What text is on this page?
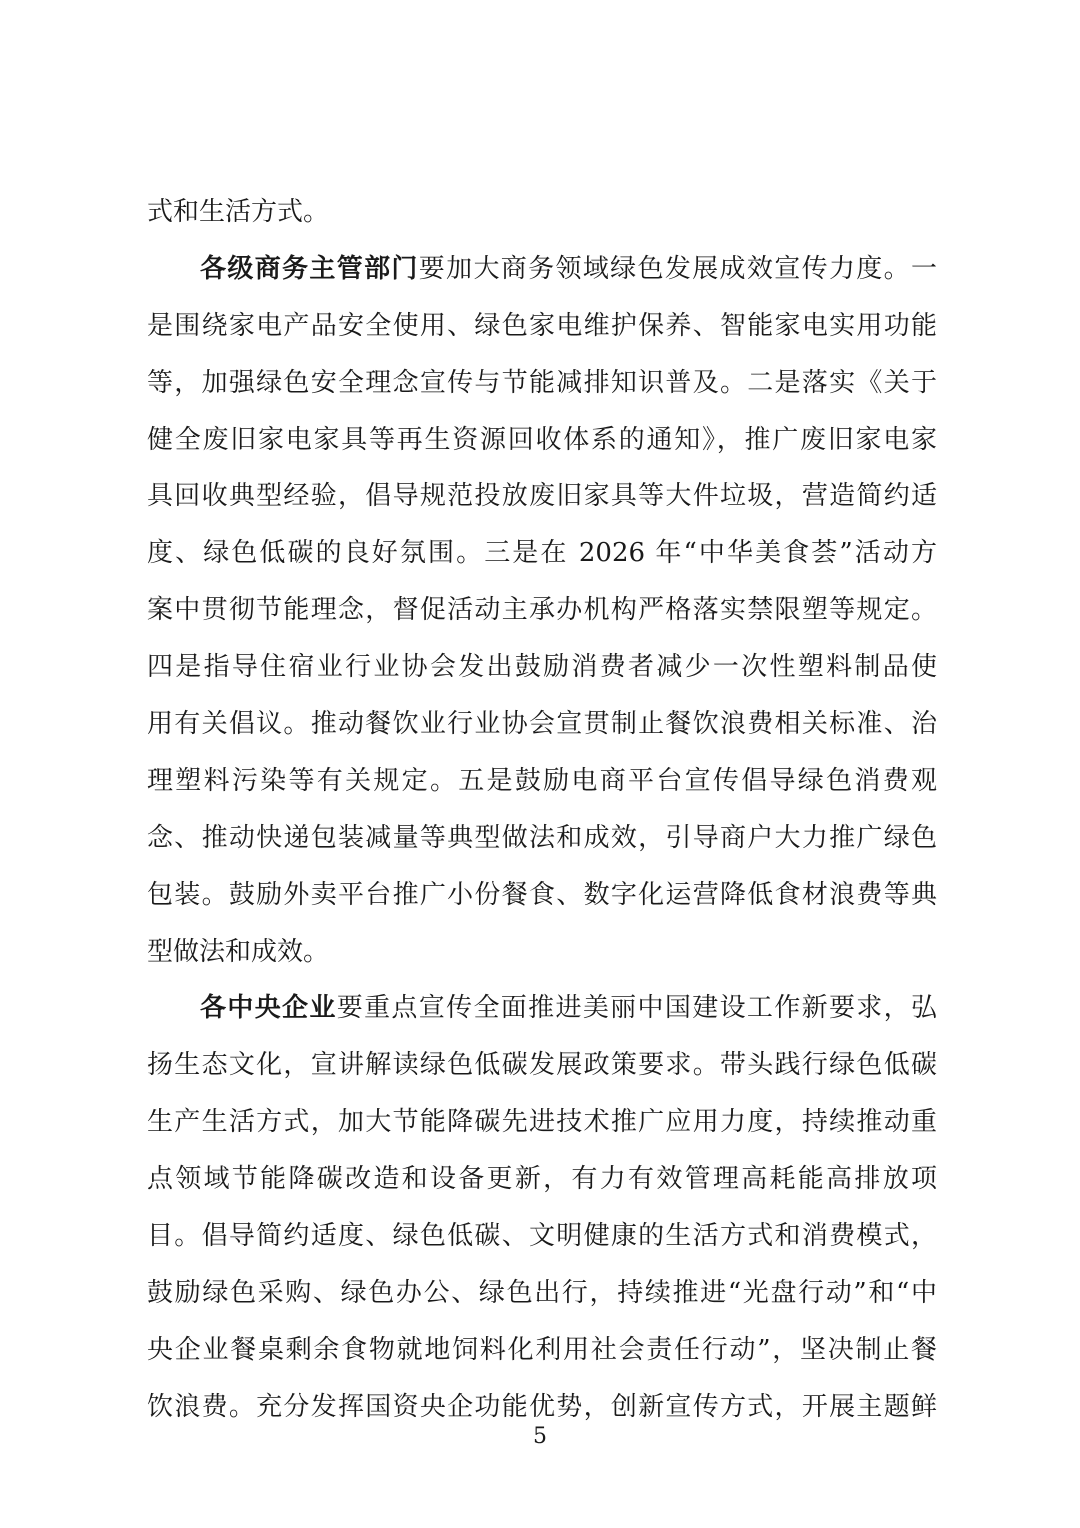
式和生活方式。
各级商务主管部门要加大商务领域绿色发展成效宣传力度。一
是围绕家电产品安全使用、绿色家电维护保养、智能家电实用功能
等，加强绿色安全理念宣传与节能减排知识普及。二是落实《关于
健全废旧家电家具等再生资源回收体系的通知》，推广废旧家电家
具回收典型经验，倡导规范投放废旧家具等大件垃圾，营造简约适
度、绿色低碳的良好氛围。三是在 2026 年“中华美食荟”活动方
案中贯彻节能理念，督促活动主承办机构严格落实禁限塑等规定。
四是指导住宿业行业协会发出鼓励消费者减少一次性塑料制品使
用有关倡议。推动餐饮业行业协会宣贯制止餐饮浪费相关标准、治
理塑料污染等有关规定。五是鼓励电商平台宣传倡导绿色消费观
念、推动快递包装减量等典型做法和成效，引导商户大力推广绿色
包装。鼓励外卖平台推广小份餐食、数字化运营降低食材浪费等典
型做法和成效。
各中央企业要重点宣传全面推进美丽中国建设工作新要求，弘
扬生态文化，宣讲解读绿色低碳发展政策要求。带头践行绿色低碳
生产生活方式，加大节能降碳先进技术推广应用力度，持续推动重
点领域节能降碳改造和设备更新，有力有效管理高耗能高排放项
目。倡导简约适度、绿色低碳、文明健康的生活方式和消费模式，
鼓励绿色采购、绿色办公、绿色出行，持续推进“光盘行动”和“中
央企业餐桌剩余食物就地饲料化利用社会责任行动”，坚决制止餐
饮浪费。充分发挥国资央企功能优势，创新宣传方式，开展主题鲜
5
